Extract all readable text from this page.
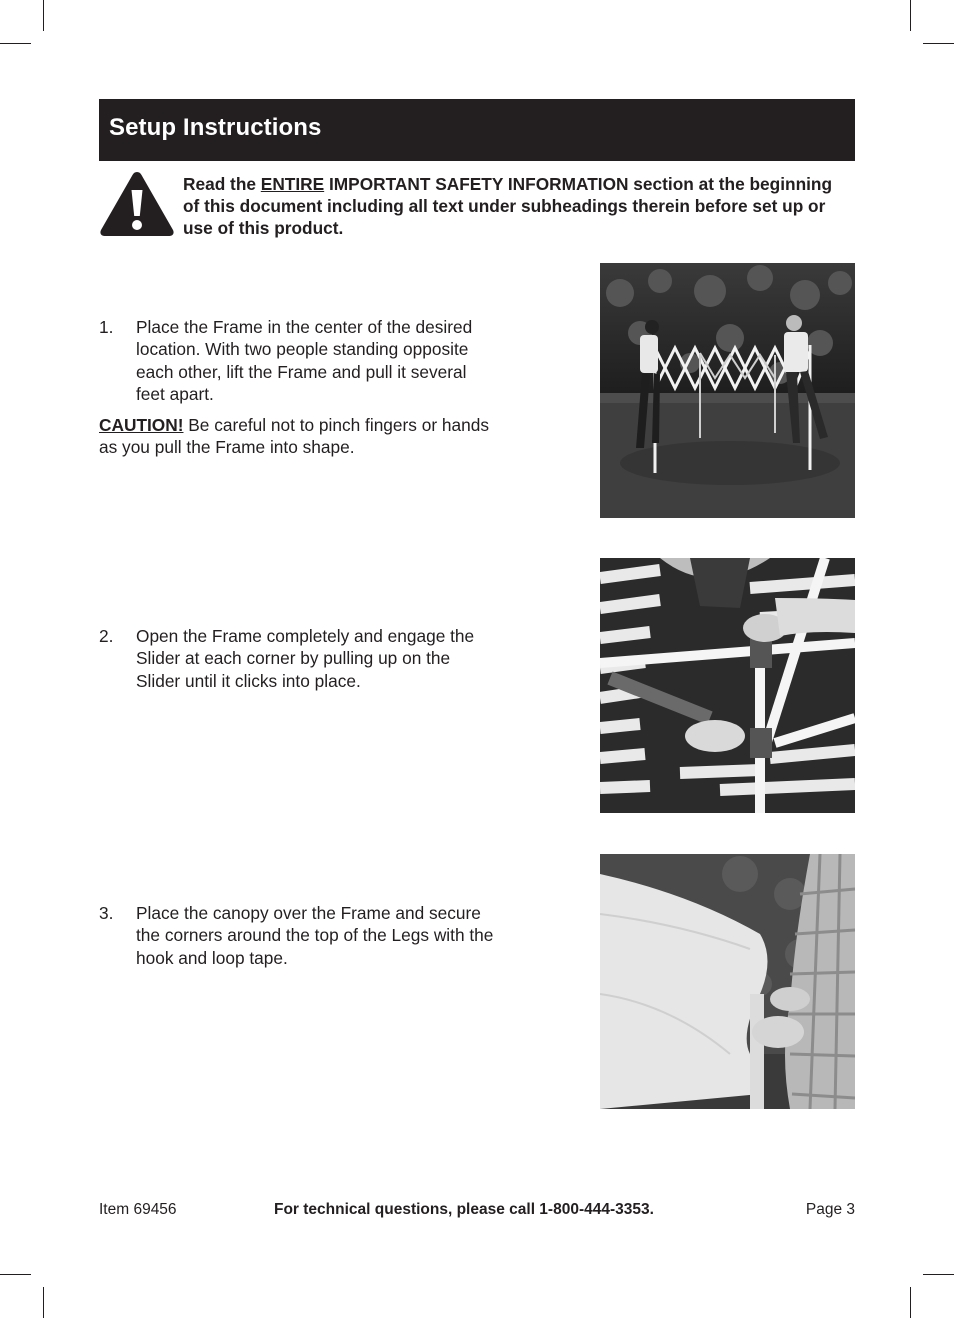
Setup Instructions
Read the ENTIRE IMPORTANT SAFETY INFORMATION section at the beginning of this document including all text under subheadings therein before set up or use of this product.
1. Place the Frame in the center of the desired location. With two people standing opposite each other, lift the Frame and pull it several feet apart.
CAUTION! Be careful not to pinch fingers or hands as you pull the Frame into shape.
2. Open the Frame completely and engage the Slider at each corner by pulling up on the Slider until it clicks into place.
3. Place the canopy over the Frame and secure the corners around the top of the Legs with the hook and loop tape.
Item 69456	For technical questions, please call 1-800-444-3353.	Page 3
